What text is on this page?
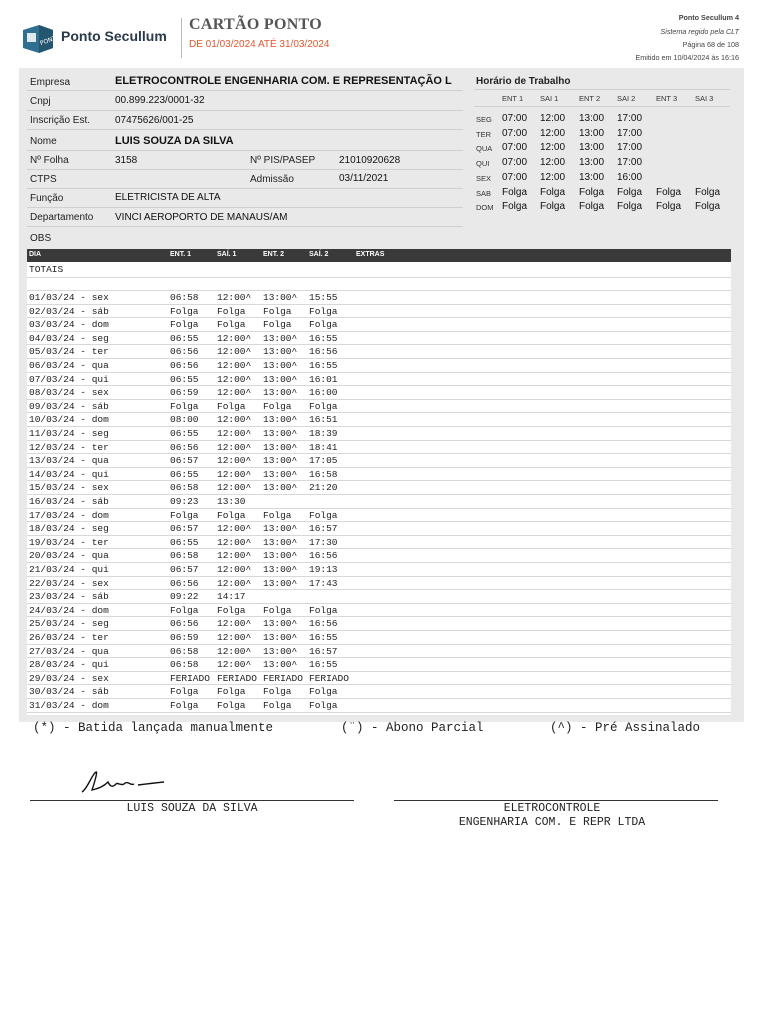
PONTO Ponto Secullum
CARTÃO PONTO
DE 01/03/2024 ATÉ 31/03/2024
Ponto Secullum 4
Sistema regido pela CLT
Página 68 de 108
Emitido em 10/04/2024 às 16:16
Empresa	ELETROCONTROLE ENGENHARIA COM. E REPRESENTAÇÃO L
Cnpj	00.899.223/0001-32
Inscrição Est. 07475626/001-25
Nome	LUIS SOUZA DA SILVA
Nº Folha	3158	Nº PIS/PASEP 21010920628
CTPS	Admissão	03/11/2021
Função	ELETRICISTA DE ALTA
Departamento VINCI AEROPORTO DE MANAUS/AM
OBS
Horário de Trabalho
ENT 1 SAI 1	ENT 2 SAI 2	ENT 3 SAI 3
SEG 07:00 12:00 13:00 17:00
TER 07:00 12:00 13:00 17:00
QUA 07:00 12:00 13:00 17:00
QUI 07:00 12:00 13:00 17:00
SEX 07:00 12:00 13:00 16:00
SAB Folga Folga Folga Folga Folga Folga
DOM Folga Folga Folga Folga Folga Folga
DIA	ENT. 1	SAÍ. 1	ENT. 2	SAÍ. 2	EXTRAS
TOTAIS
01/03/24 - sex	06:58 12:00^ 13:00^ 15:55
02/03/24 - sáb	Folga Folga Folga Folga
03/03/24 - dom	Folga Folga Folga Folga
04/03/24 - seg	06:55 12:00^ 13:00^ 16:55
05/03/24 - ter	06:56 12:00^ 13:00^ 16:56
06/03/24 - qua	06:56 12:00^ 13:00^ 16:55
07/03/24 - qui	06:55 12:00^ 13:00^ 16:01
08/03/24 - sex	06:59 12:00^ 13:00^ 16:00
09/03/24 - sáb	Folga Folga Folga Folga
10/03/24 - dom	08:00 12:00^ 13:00^ 16:51
11/03/24 - seg	06:55 12:00^ 13:00^ 18:39
12/03/24 - ter	06:56 12:00^ 13:00^ 18:41
13/03/24 - qua	06:57 12:00^ 13:00^ 17:05
14/03/24 - qui	06:55 12:00^ 13:00^ 16:58
15/03/24 - sex	06:58 12:00^ 13:00^ 21:20
16/03/24 - sáb	09:23 13:30
17/03/24 - dom	Folga Folga Folga Folga
18/03/24 - seg	06:57 12:00^ 13:00^ 16:57
19/03/24 - ter	06:55 12:00^ 13:00^ 17:30
20/03/24 - qua	06:58 12:00^ 13:00^ 16:56
21/03/24 - qui	06:57 12:00^ 13:00^ 19:13
22/03/24 - sex	06:56 12:00^ 13:00^ 17:43
23/03/24 - sáb	09:22 14:17
24/03/24 - dom	Folga Folga Folga Folga
25/03/24 - seg	06:56 12:00^ 13:00^ 16:56
26/03/24 - ter	06:59 12:00^ 13:00^ 16:55
27/03/24 - qua	06:58 12:00^ 13:00^ 16:57
28/03/24 - qui	06:58 12:00^ 13:00^ 16:55
29/03/24 - sex	FERIADO FERIADO FERIADO FERIADO
30/03/24 - sáb	Folga Folga Folga Folga
31/03/24 - dom	Folga Folga Folga Folga
(*) - Batida lançada manualmente	(¨) - Abono Parcial	(^) - Pré Assinalado
LUIS SOUZA DA SILVA	ELETROCONTROLE
ENGENHARIA COM. E REPR LTDA
